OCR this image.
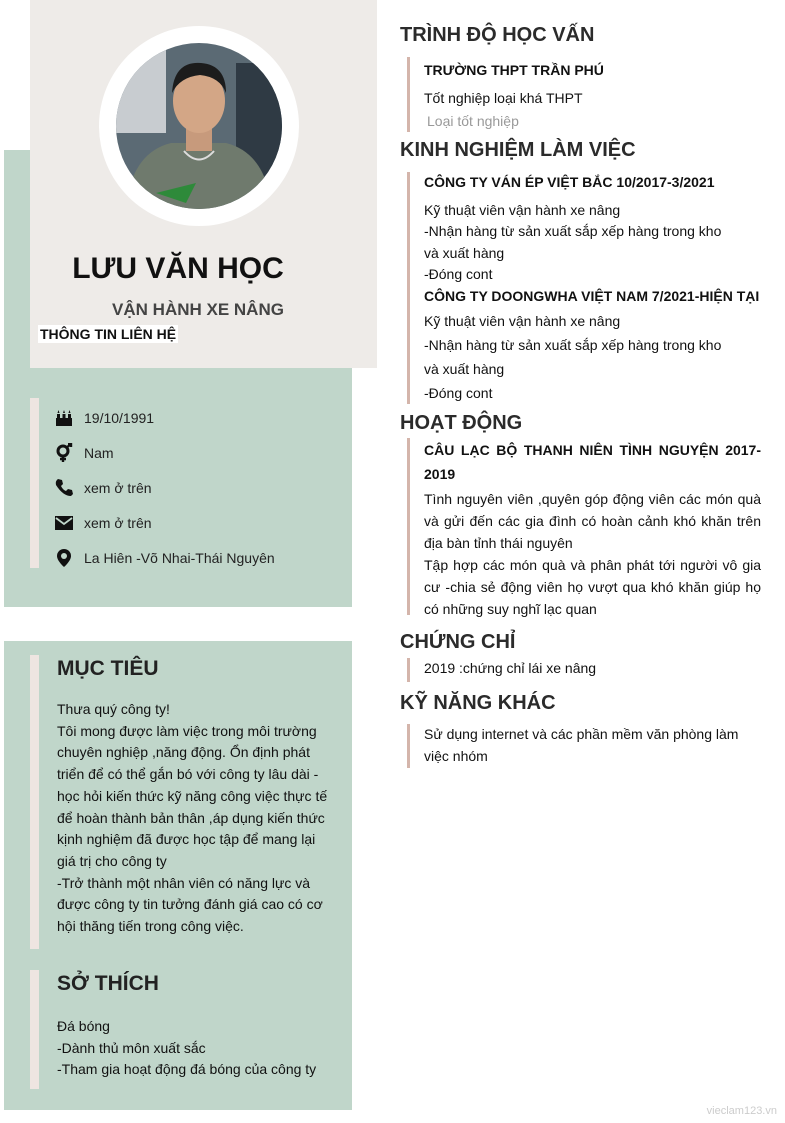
LƯU VĂN HỌC
VẬN HÀNH XE NÂNG
THÔNG TIN LIÊN HỆ
19/10/1991
Nam
xem ở trên
xem ở trên
La Hiên -Võ Nhai-Thái Nguyên
MỤC TIÊU
Thưa quý công ty!
Tôi mong được làm việc trong môi trường chuyên nghiệp ,năng động. Ổn định phát triển để có thể gắn bó với công ty lâu dài - học hỏi kiến thức kỹ năng công việc thực tế để hoàn thành bản thân ,áp dụng kiến thức kịnh nghiệm đã được học tập để mang lại giá trị cho công ty
-Trở thành một nhân viên có năng lực và được công ty tin tưởng đánh giá cao có cơ hội thăng tiến trong công việc.
SỞ THÍCH
Đá bóng
-Dành thủ môn xuất sắc
-Tham gia hoạt động đá bóng của công ty
TRÌNH ĐỘ HỌC VẤN
TRƯỜNG THPT TRẦN PHÚ
Tốt nghiệp loại khá THPT
Loại tốt nghiệp
KINH NGHIỆM LÀM VIỆC
CÔNG TY VÁN ÉP VIỆT BẮC 10/2017-3/2021
Kỹ thuật viên vận hành xe nâng
-Nhận hàng từ sản xuất sắp xếp hàng trong kho
và xuất hàng
-Đóng cont
CÔNG TY DOONGWHA VIỆT NAM 7/2021-HIỆN TẠI
Kỹ thuật viên vận hành xe nâng
-Nhận hàng từ sản xuất sắp xếp hàng trong kho
và xuất hàng
-Đóng cont
HOẠT ĐỘNG
CÂU LẠC BỘ THANH NIÊN TÌNH NGUYỆN 2017-2019
Tình nguyên viên ,quyên góp động viên các món quà và gửi đến các gia đình có hoàn cảnh khó khăn trên địa bàn tỉnh thái nguyên
Tập hợp các món quà và phân phát tới người vô gia cư -chia sẻ động viên họ vượt qua khó khăn giúp họ có những suy nghĩ lạc quan
CHỨNG CHỈ
2019 :chứng chỉ lái xe nâng
KỸ NĂNG KHÁC
Sử dụng internet và các phần mềm văn phòng làm việc nhóm
vieclam123.vn
